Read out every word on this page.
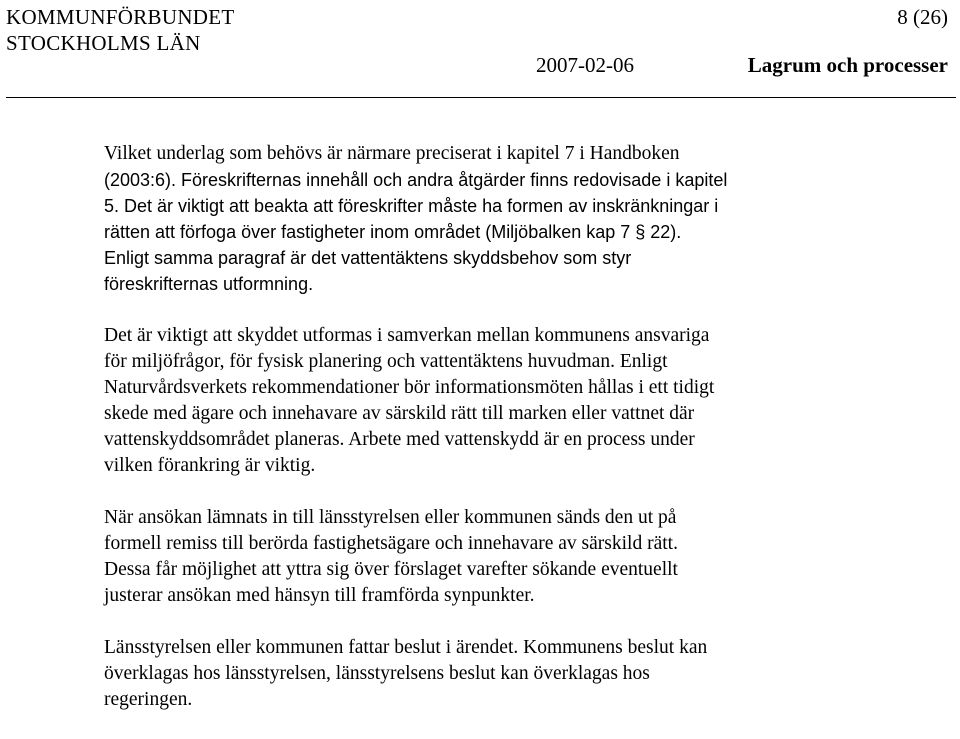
KOMMUNFÖRBUNDET
STOCKHOLMS LÄN
8 (26)
2007-02-06	Lagrum och processer

Vilket underlag som behövs är närmare preciserat i kapitel 7 i Handboken
(2003:6). Föreskrifternas innehåll och andra åtgärder finns redovisade i kapitel
5. Det är viktigt att beakta att föreskrifter måste ha formen av inskränkningar i
rätten att förfoga över fastigheter inom området (Miljöbalken kap 7 § 22).
Enligt samma paragraf är det vattentäktens skyddsbehov som styr
föreskrifternas utformning.

Det är viktigt att skyddet utformas i samverkan mellan kommunens ansvariga
för miljöfrågor, för fysisk planering och vattentäktens huvudman. Enligt
Naturvårdsverkets rekommendationer bör informationsmöten hållas i ett tidigt
skede med ägare och innehavare av särskild rätt till marken eller vattnet där
vattenskyddsområdet planeras. Arbete med vattenskydd är en process under
vilken förankring är viktig.

När ansökan lämnats in till länsstyrelsen eller kommunen sänds den ut på
formell remiss till berörda fastighetsägare och innehavare av särskild rätt.
Dessa får möjlighet att yttra sig över förslaget varefter sökande eventuellt
justerar ansökan med hänsyn till framförda synpunkter.

Länsstyrelsen eller kommunen fattar beslut i ärendet. Kommunens beslut kan
överklagas hos länsstyrelsen, länsstyrelsens beslut kan överklagas hos
regeringen.
